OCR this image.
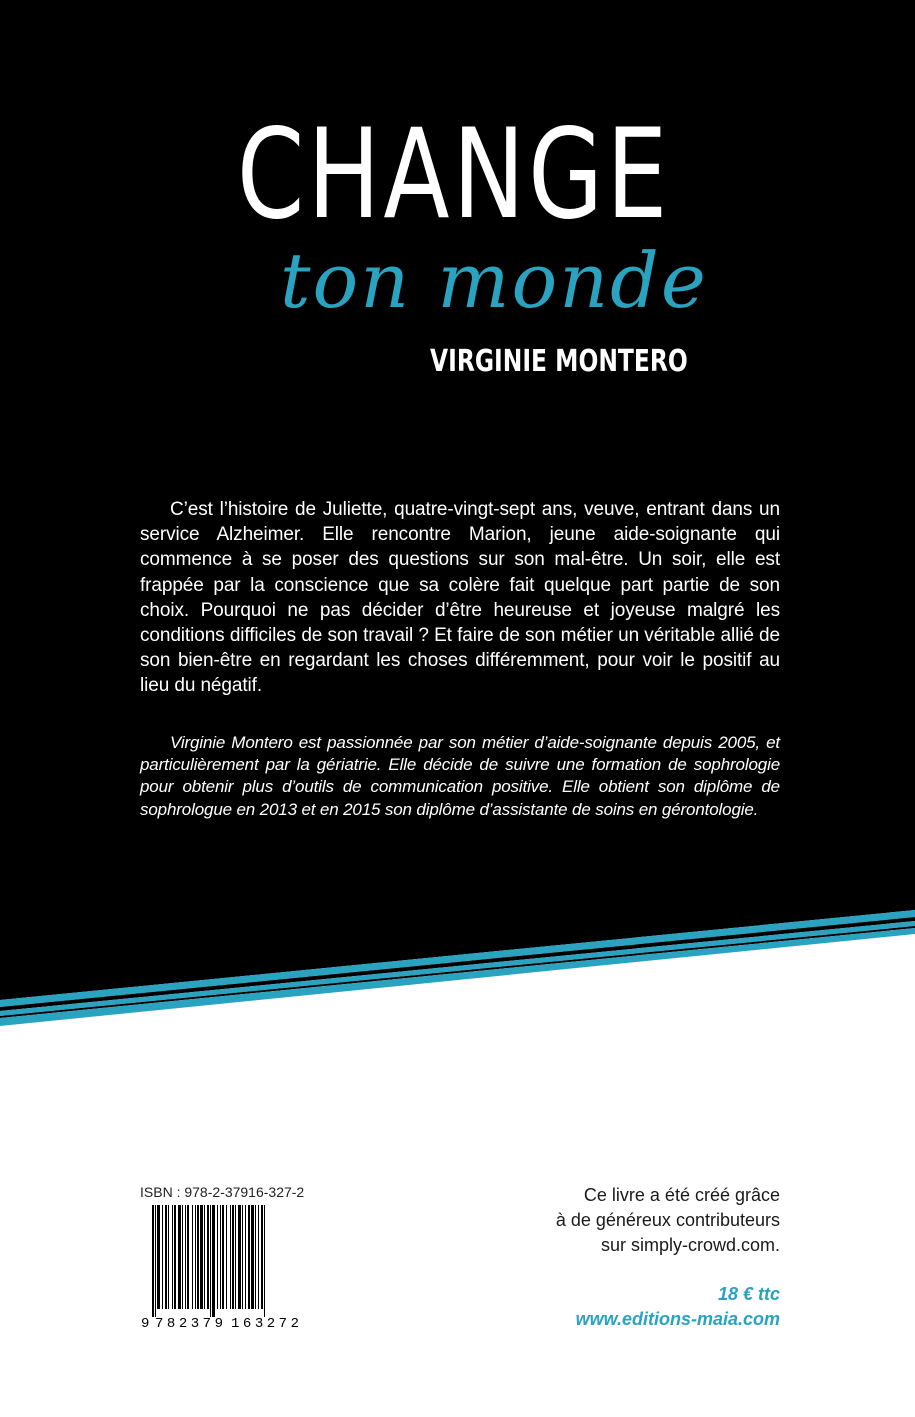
CHANGE
ton monde
VIRGINIE MONTERO

C’est l’histoire de Juliette, quatre-vingt-sept ans, veuve, entrant dans un service Alzheimer. Elle rencontre Marion, jeune aide-soignante qui commence à se poser des questions sur son mal-être. Un soir, elle est frappée par la conscience que sa colère fait quelque part partie de son choix. Pourquoi ne pas décider d’être heureuse et joyeuse malgré les conditions difficiles de son travail ? Et faire de son métier un véritable allié de son bien-être en regardant les choses différemment, pour voir le positif au lieu du négatif.

Virginie Montero est passionnée par son métier d’aide-soignante depuis 2005, et particulièrement par la gériatrie. Elle décide de suivre une formation de sophrologie pour obtenir plus d’outils de communication positive. Elle obtient son diplôme de sophrologue en 2013 et en 2015 son diplôme d’assistante de soins en gérontologie.

ISBN : 978-2-37916-327-2
9 782379 163272
Ce livre a été créé grâce
à de généreux contributeurs
sur simply-crowd.com.
18 € ttc
www.editions-maia.com
